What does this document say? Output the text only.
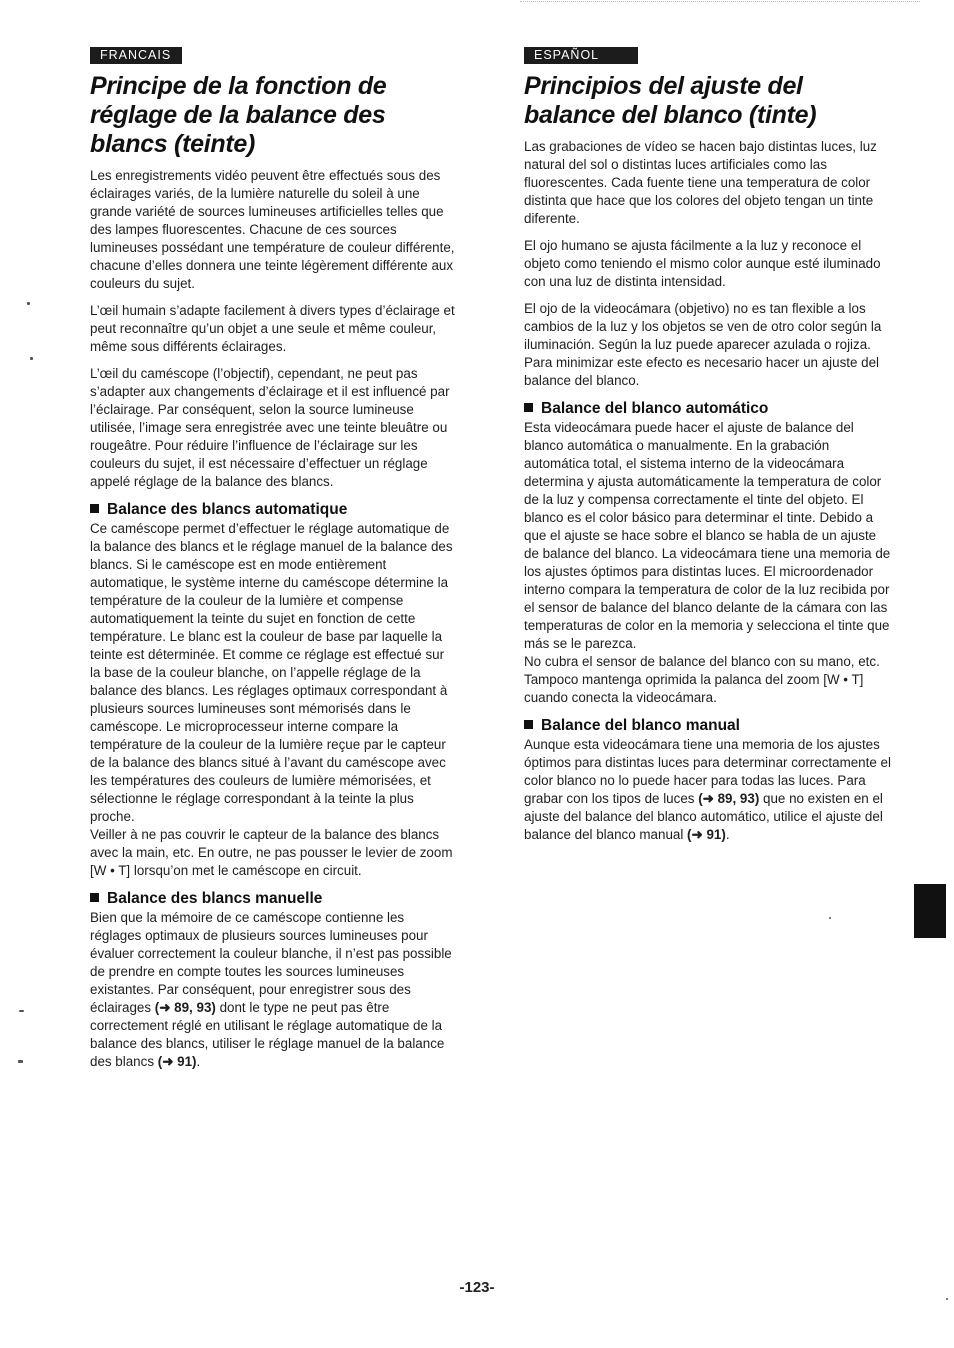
FRANCAIS
Principe de la fonction de réglage de la balance des blancs (teinte)

Les enregistrements vidéo peuvent être effectués sous des éclairages variés, de la lumière naturelle du soleil à une grande variété de sources lumineuses artificielles telles que des lampes fluorescentes. Chacune de ces sources lumineuses possédant une température de couleur différente, chacune d’elles donnera une teinte légèrement différente aux couleurs du sujet.

L’œil humain s’adapte facilement à divers types d’éclairage et peut reconnaître qu’un objet a une seule et même couleur, même sous différents éclairages.

L’œil du caméscope (l’objectif), cependant, ne peut pas s’adapter aux changements d’éclairage et il est influencé par l’éclairage. Par conséquent, selon la source lumineuse utilisée, l’image sera enregistrée avec une teinte bleuâtre ou rougeâtre. Pour réduire l’influence de l’éclairage sur les couleurs du sujet, il est nécessaire d’effectuer un réglage appelé réglage de la balance des blancs.

Balance des blancs automatique

Ce caméscope permet d’effectuer le réglage automatique de la balance des blancs et le réglage manuel de la balance des blancs. Si le caméscope est en mode entièrement automatique, le système interne du caméscope détermine la température de la couleur de la lumière et compense automatiquement la teinte du sujet en fonction de cette température. Le blanc est la couleur de base par laquelle la teinte est déterminée. Et comme ce réglage est effectué sur la base de la couleur blanche, on l’appelle réglage de la balance des blancs. Les réglages optimaux correspondant à plusieurs sources lumineuses sont mémorisés dans le caméscope. Le microprocesseur interne compare la température de la couleur de la lumière reçue par le capteur de la balance des blancs situé à l’avant du caméscope avec les températures des couleurs de lumière mémorisées, et sélectionne le réglage correspondant à la teinte la plus proche.

Veiller à ne pas couvrir le capteur de la balance des blancs avec la main, etc. En outre, ne pas pousser le levier de zoom [W • T] lorsqu’on met le caméscope en circuit.

Balance des blancs manuelle

Bien que la mémoire de ce caméscope contienne les réglages optimaux de plusieurs sources lumineuses pour évaluer correctement la couleur blanche, il n’est pas possible de prendre en compte toutes les sources lumineuses existantes. Par conséquent, pour enregistrer sous des éclairages (➜ 89, 93) dont le type ne peut pas être correctement réglé en utilisant le réglage automatique de la balance des blancs, utiliser le réglage manuel de la balance des blancs (➜ 91).

ESPAÑOL
Principios del ajuste del balance del blanco (tinte)

Las grabaciones de vídeo se hacen bajo distintas luces, luz natural del sol o distintas luces artificiales como las fluorescentes. Cada fuente tiene una temperatura de color distinta que hace que los colores del objeto tengan un tinte diferente.

El ojo humano se ajusta fácilmente a la luz y reconoce el objeto como teniendo el mismo color aunque esté iluminado con una luz de distinta intensidad.

El ojo de la videocámara (objetivo) no es tan flexible a los cambios de la luz y los objetos se ven de otro color según la iluminación. Según la luz puede aparecer azulada o rojiza. Para minimizar este efecto es necesario hacer un ajuste del balance del blanco.

Balance del blanco automático

Esta videocámara puede hacer el ajuste de balance del blanco automática o manualmente. En la grabación automática total, el sistema interno de la videocámara determina y ajusta automáticamente la temperatura de color de la luz y compensa correctamente el tinte del objeto. El blanco es el color básico para determinar el tinte. Debido a que el ajuste se hace sobre el blanco se habla de un ajuste de balance del blanco. La videocámara tiene una memoria de los ajustes óptimos para distintas luces. El microordenador interno compara la temperatura de color de la luz recibida por el sensor de balance del blanco delante de la cámara con las temperaturas de color en la memoria y selecciona el tinte que más se le parezca.

No cubra el sensor de balance del blanco con su mano, etc. Tampoco mantenga oprimida la palanca del zoom [W • T] cuando conecta la videocámara.

Balance del blanco manual

Aunque esta videocámara tiene una memoria de los ajustes óptimos para distintas luces para determinar correctamente el color blanco no lo puede hacer para todas las luces. Para grabar con los tipos de luces (➜ 89, 93) que no existen en el ajuste del balance del blanco automático, utilice el ajuste del balance del blanco manual (➜ 91).

-123-
